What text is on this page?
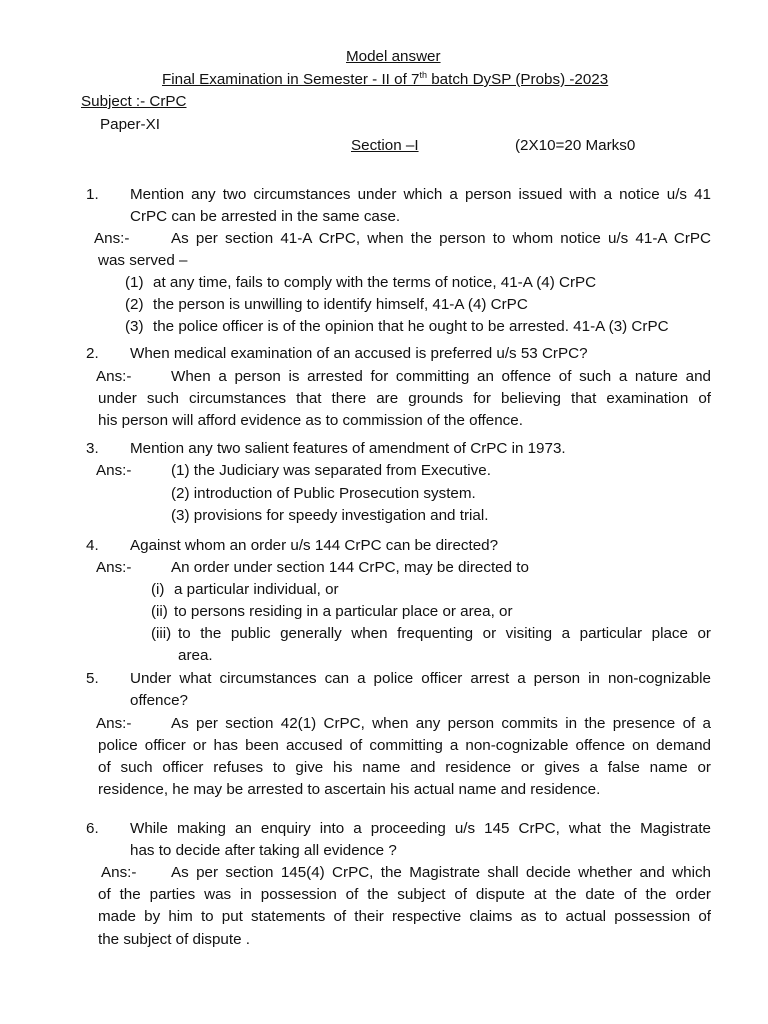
Model answer
Final Examination in Semester - II of 7th batch DySP (Probs) -2023
Subject :- CrPC
Paper-XI
Section –I	(2X10=20 Marks0
1. Mention any two circumstances under which a person issued with a notice u/s 41
CrPC can be arrested in the same case.
Ans:-	As per section 41-A CrPC, when the person to whom notice u/s 41-A CrPC
was served –
(1) at any time, fails to comply with the terms of notice, 41-A (4) CrPC
(2) the person is unwilling to identify himself, 41-A (4) CrPC
(3) the police officer is of the opinion that he ought to be arrested. 41-A (3) CrPC
2. When medical examination of an accused is preferred u/s 53 CrPC?
Ans:-	When a person is arrested for committing an offence of such a nature and
under such circumstances that there are grounds for believing that examination of
his person will afford evidence as to commission of the offence.
3. Mention any two salient features of amendment of CrPC in 1973.
Ans:-	(1) the Judiciary was separated from Executive.
(2) introduction of Public Prosecution system.
(3) provisions for speedy investigation and trial.
4. Against whom an order u/s 144 CrPC can be directed?
Ans:-	An order under section 144 CrPC, may be directed to
(i) a particular individual, or
(ii) to persons residing in a particular place or area, or
(iii) to the public generally when frequenting or visiting a particular place or
area.
5. Under what circumstances can a police officer arrest a person in non-cognizable
offence?
Ans:-	As per section 42(1) CrPC, when any person commits in the presence of a
police officer or has been accused of committing a non-cognizable offence on demand
of such officer refuses to give his name and residence or gives a false name or
residence, he may be arrested to ascertain his actual name and residence.
6. While making an enquiry into a proceeding u/s 145 CrPC, what the Magistrate
has to decide after taking all evidence ?
Ans:- As per section 145(4) CrPC, the Magistrate shall decide whether and which
of the parties was in possession of the subject of dispute at the date of the order
made by him to put statements of their respective claims as to actual possession of
the subject of dispute .
